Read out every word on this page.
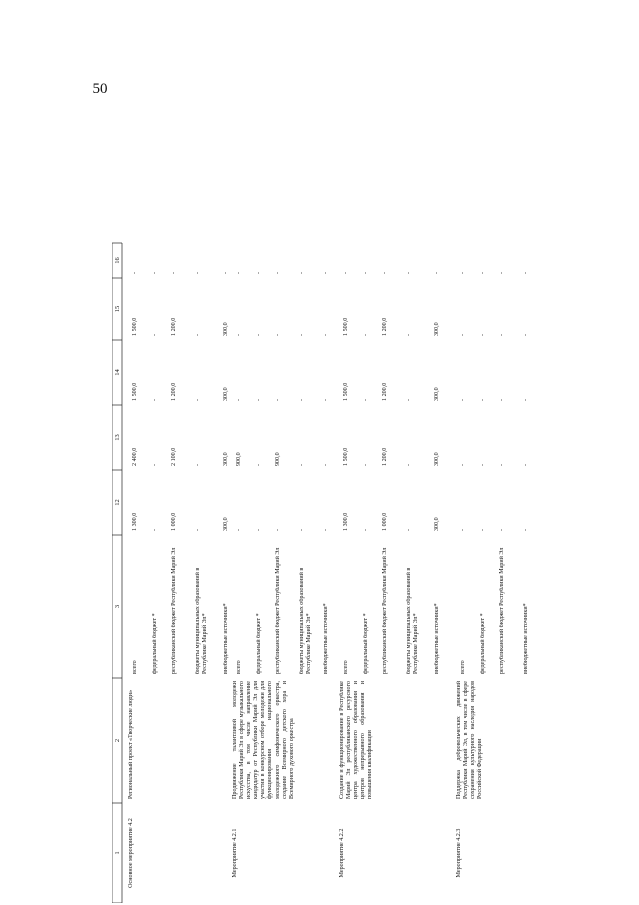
50
1
2
3
12
13
14
15
16
Основное мероприятие 4.2
Региональный проект «Творческие люди»
всего
1 300,0
2 400,0
1 500,0
1 500,0
-
федеральный бюджет *
-
-
-
-
-
республиканский бюджет Республики Марий Эл
1 000,0
2 100,0
1 200,0
1 200,0
-
бюджеты муниципальных образований в Республике Марий Эл*
-
-
-
-
-
внебюджетные источники*
300,0
300,0
300,0
300,0
-
Мероприятие 4.2.1
Продвижение талантливой молодежи Республики Марий Эл в сфере музыкального искусства, в том числе направление кандидатур от Республики Марий Эл для участия в конкурсном отборе молодежи для функционирования национального молодежного симфонического оркестра, создание Всемирного детского хора и Всемирного духового оркестра
всего
-
900,0
-
-
-
федеральный бюджет *
-
-
-
-
-
республиканский бюджет Республики Марий Эл
-
900,0
-
-
-
бюджеты муниципальных образований в Республике Марий Эл*
-
-
-
-
-
внебюджетные источники*
-
-
-
-
-
Мероприятие 4.2.2
Создание и функционирование в Республике Марий Эл республиканского ресурсного центра художественного образования и центров непрерывного образования и повышения квалификации
всего
1 300,0
1 500,0
1 500,0
1 500,0
-
федеральный бюджет *
-
-
-
-
-
республиканский бюджет Республики Марий Эл
1 000,0
1 200,0
1 200,0
1 200,0
-
бюджеты муниципальных образований в Республике Марий Эл*
-
-
-
-
-
внебюджетные источники*
300,0
300,0
300,0
300,0
-
Мероприятие 4.2.3
Поддержка добровольческих движений Республики Марий Эл, в том числе в сфере сохранения культурного наследия народов Российской Федерации
всего
-
-
-
-
-
федеральный бюджет *
-
-
-
-
-
республиканский бюджет Республики Марий Эл
-
-
-
-
-
внебюджетные источники*
-
-
-
-
-
